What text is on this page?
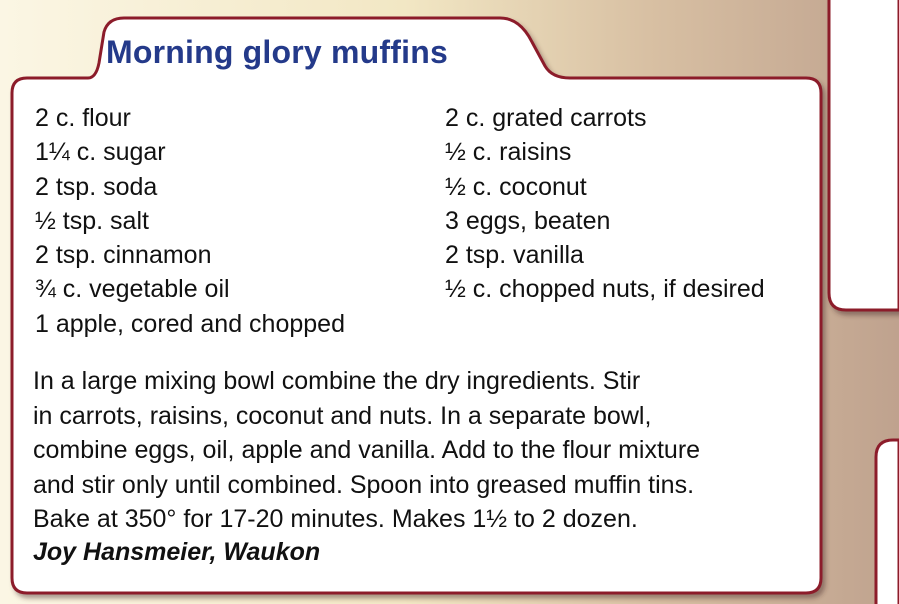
Morning glory muffins
2 c. flour
1¼ c. sugar
2 tsp. soda
½ tsp. salt
2 tsp. cinnamon
¾ c. vegetable oil
1 apple, cored and chopped
2 c. grated carrots
½ c. raisins
½ c. coconut
3 eggs, beaten
2 tsp. vanilla
½ c. chopped nuts, if desired
In a large mixing bowl combine the dry ingredients. Stir
in carrots, raisins, coconut and nuts. In a separate bowl,
combine eggs, oil, apple and vanilla. Add to the flour mixture
and stir only until combined. Spoon into greased muffin tins.
Bake at 350° for 17-20 minutes. Makes 1½ to 2 dozen.
Joy Hansmeier, Waukon
